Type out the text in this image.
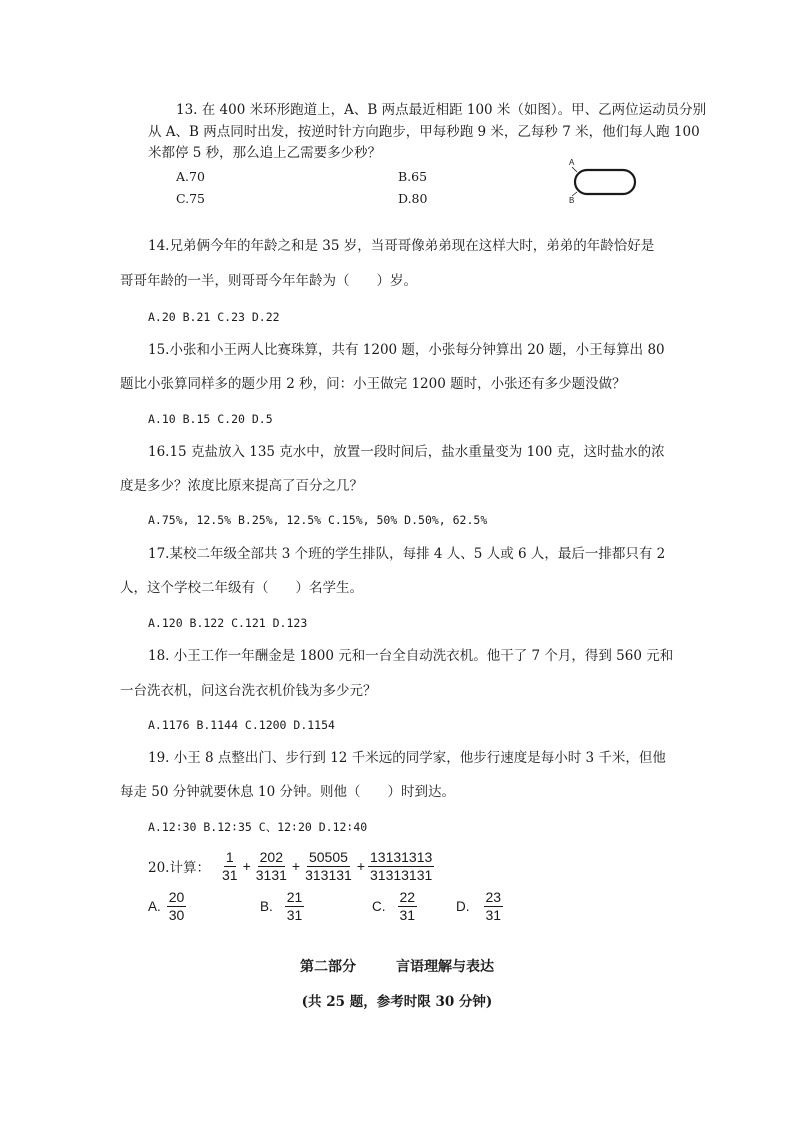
13. 在 400 米环形跑道上，A、B 两点最近相距 100 米（如图）。甲、乙两位运动员分别
从 A、B 两点同时出发，按逆时针方向跑步，甲每秒跑 9 米，乙每秒 7 米，他们每人跑 100
米都停 5 秒，那么追上乙需要多少秒？
A.70	B.65
C.75	D.80
A
B
14.兄弟俩今年的年龄之和是 35 岁，当哥哥像弟弟现在这样大时，弟弟的年龄恰好是
哥哥年龄的一半，则哥哥今年年龄为（　　）岁。
A.20 B.21 C.23 D.22
15.小张和小王两人比赛珠算，共有 1200 题，小张每分钟算出 20 题，小王每算出 80
题比小张算同样多的题少用 2 秒，问：小王做完 1200 题时，小张还有多少题没做？
A.10 B.15 C.20 D.5
16.15 克盐放入 135 克水中，放置一段时间后，盐水重量变为 100 克，这时盐水的浓
度是多少？浓度比原来提高了百分之几？
A.75%, 12.5% B.25%, 12.5% C.15%, 50% D.50%, 62.5%
17.某校二年级全部共 3 个班的学生排队，每排 4 人、5 人或 6 人，最后一排都只有 2
人，这个学校二年级有（　　）名学生。
A.120 B.122 C.121 D.123
18. 小王工作一年酬金是 1800 元和一台全自动洗衣机。他干了 7 个月，得到 560 元和
一台洗衣机，问这台洗衣机价钱为多少元？
A.1176 B.1144 C.1200 D.1154
19. 小王 8 点整出门、步行到 12 千米远的同学家，他步行速度是每小时 3 千米，但他
每走 50 分钟就要休息 10 分钟。则他（　　）时到达。
A.12∶30 B.12∶35 C、12∶20 D.12∶40
20.计算： $\frac{1}{31} + \frac{202}{3131} + \frac{50505}{313131} + \frac{13131313}{31313131}$
A. $\frac{20}{30}$	B. $\frac{21}{31}$	C. $\frac{22}{31}$	D. $\frac{23}{31}$
第二部分	言语理解与表达
(共 25 题，参考时限 30 分钟)
